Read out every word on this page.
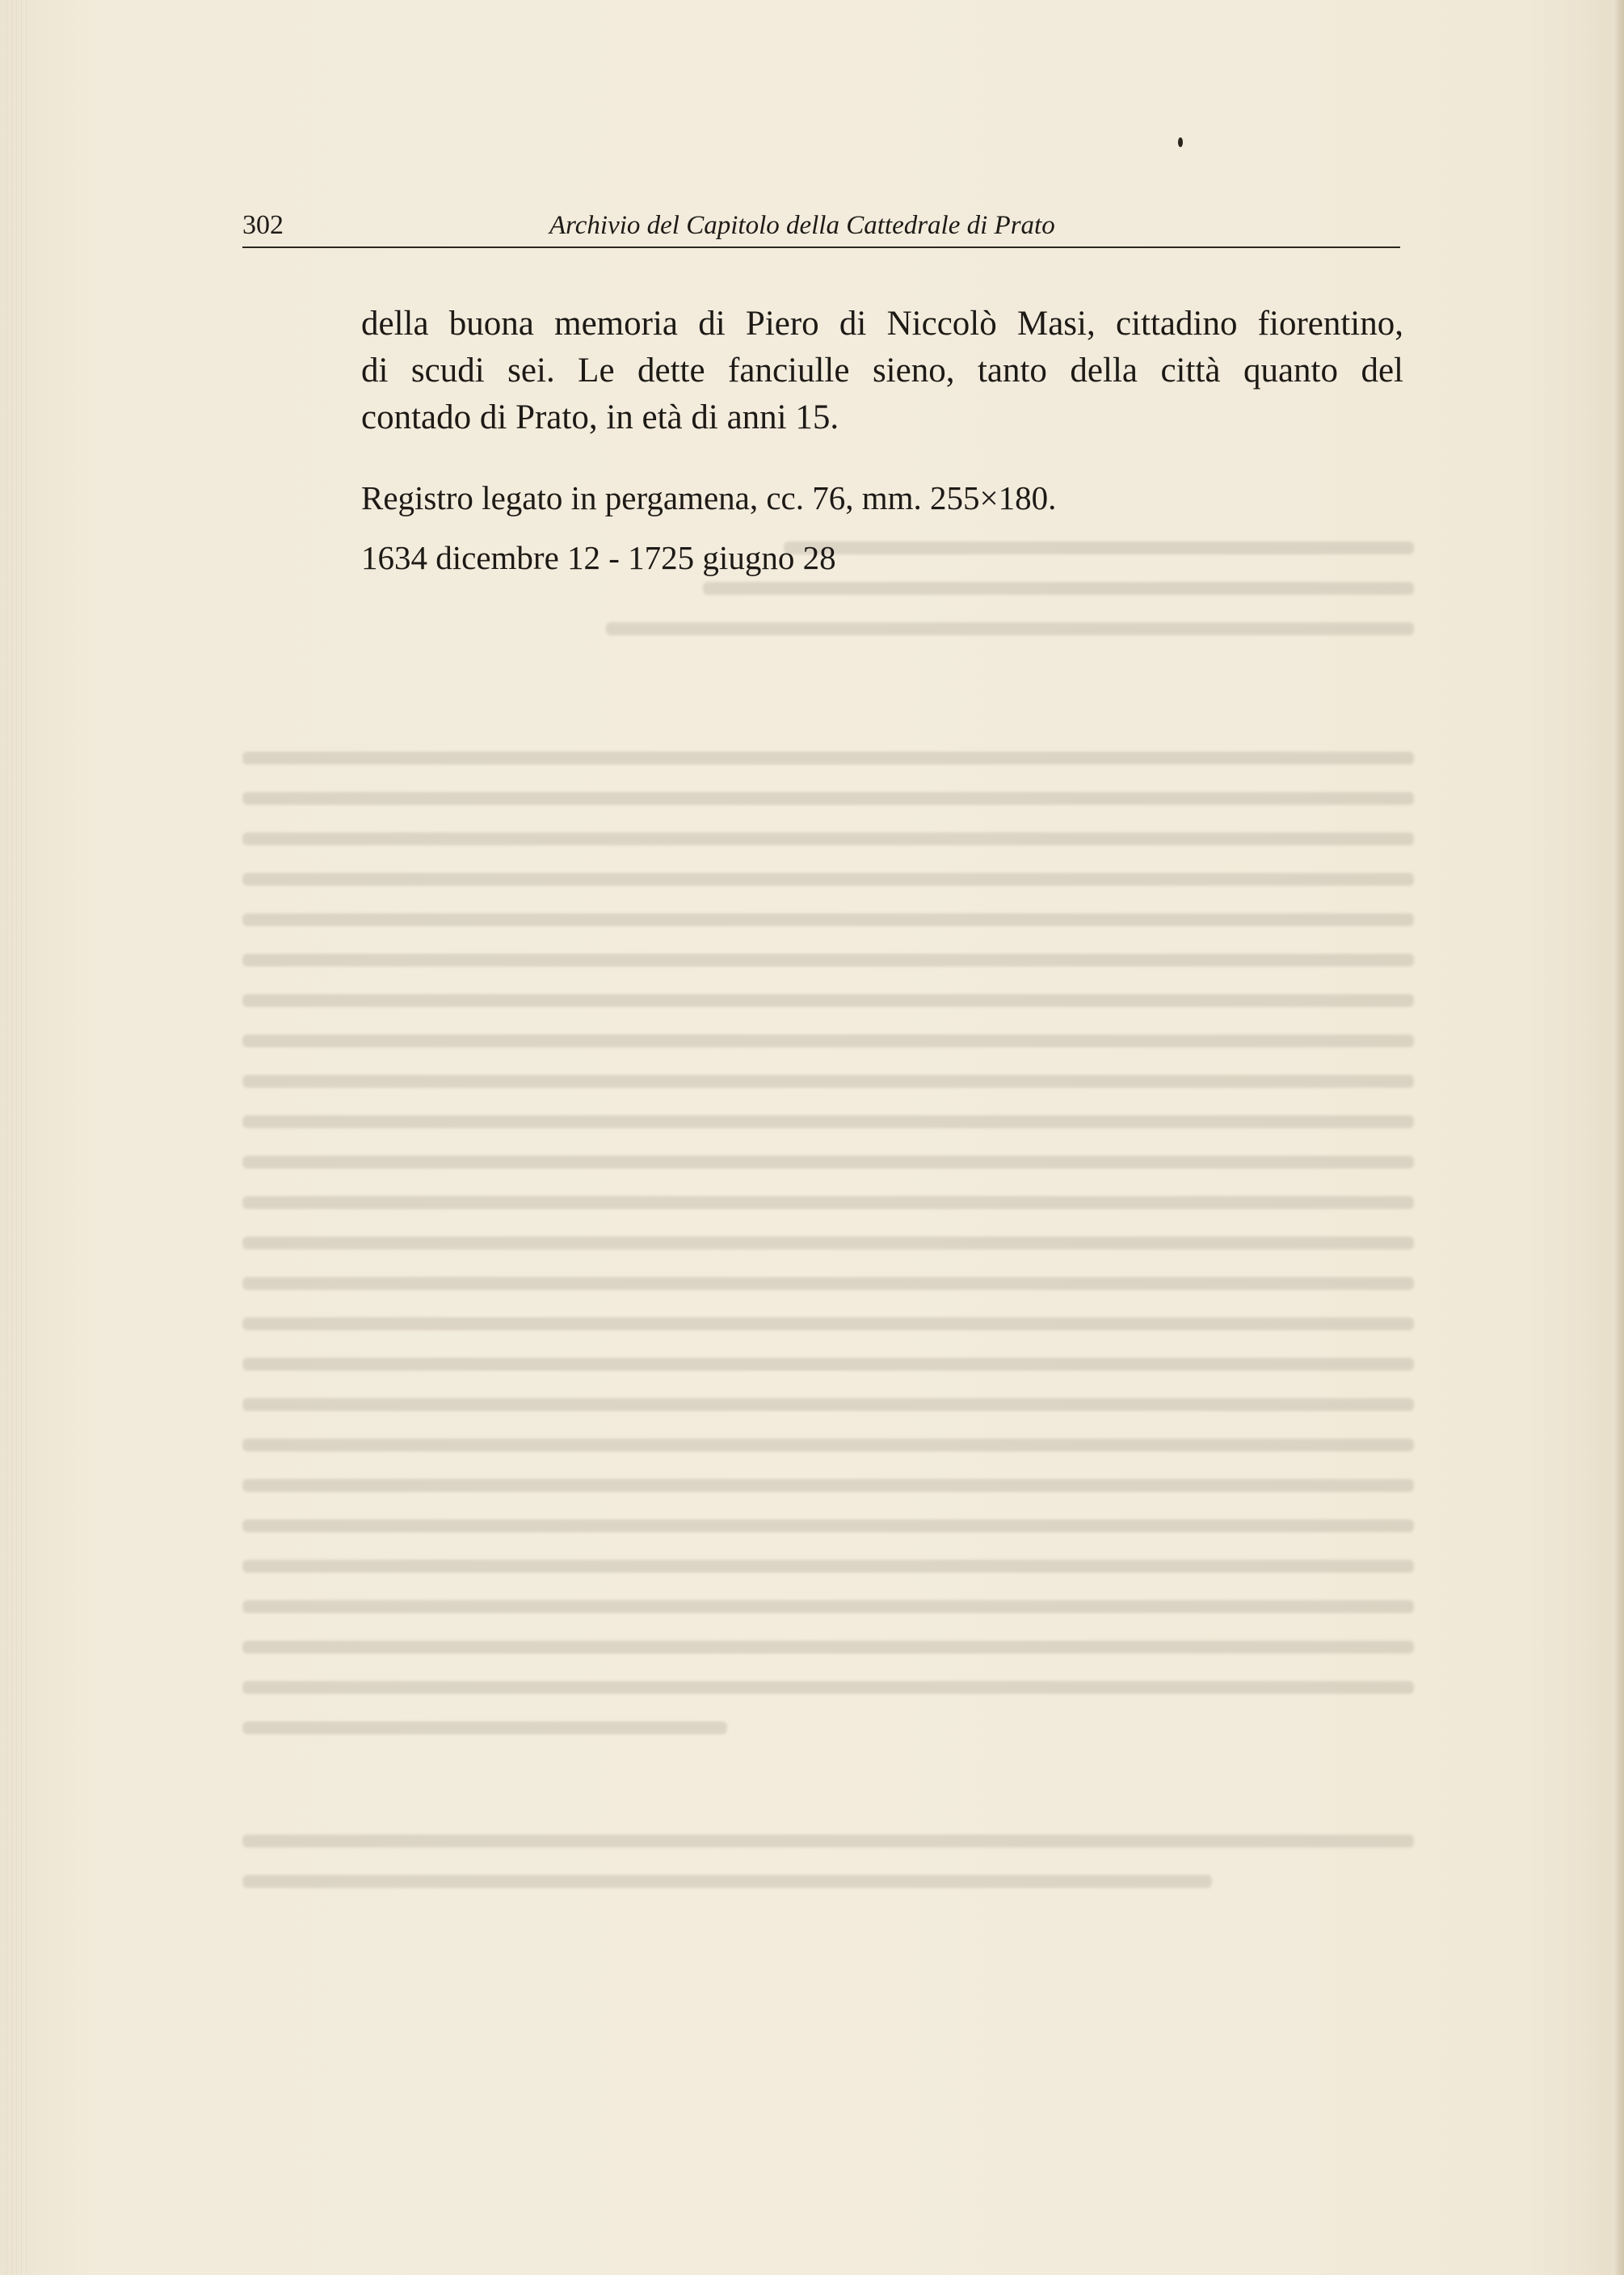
302	Archivio del Capitolo della Cattedrale di Prato
della buona memoria di Piero di Niccolò Masi, cittadino fiorentino,
di scudi sei. Le dette fanciulle sieno, tanto della città quanto del
contado di Prato, in età di anni 15.
Registro legato in pergamena, cc. 76, mm. 255×180.
1634 dicembre 12 - 1725 giugno 28
